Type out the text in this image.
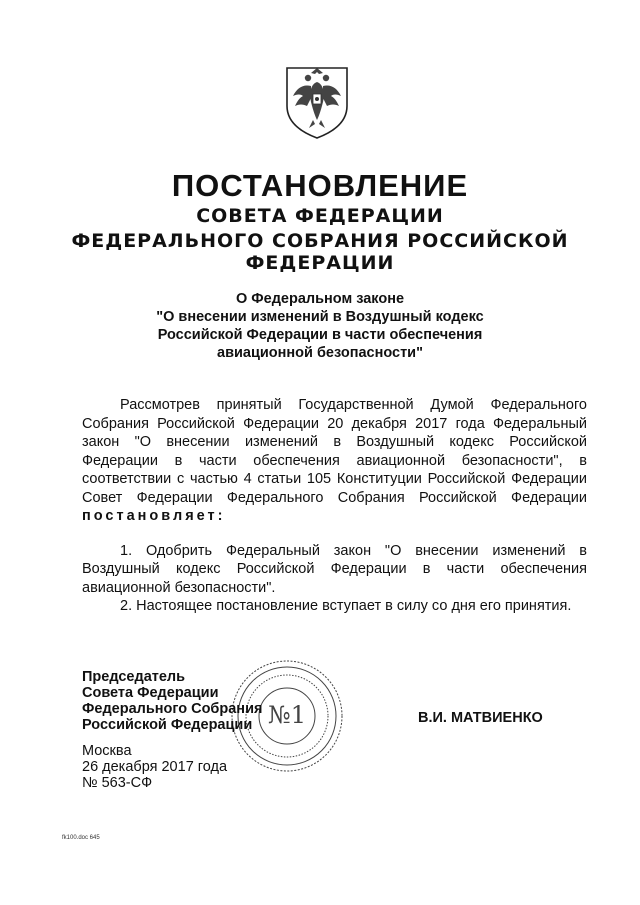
ПОСТАНОВЛЕНИЕ
СОВЕТА ФЕДЕРАЦИИ
ФЕДЕРАЛЬНОГО СОБРАНИЯ РОССИЙСКОЙ ФЕДЕРАЦИИ
О Федеральном законе
"О внесении изменений в Воздушный кодекс
Российской Федерации в части обеспечения
авиационной безопасности"

Рассмотрев принятый Государственной Думой Федерального Собрания Российской Федерации 20 декабря 2017 года Федеральный закон "О внесении изменений в Воздушный кодекс Российской Федерации в части обеспечения авиационной безопасности", в соответствии с частью 4 статьи 105 Конституции Российской Федерации Совет Федерации Федерального Собрания Российской Федерации постановляет:

1. Одобрить Федеральный закон "О внесении изменений в Воздушный кодекс Российской Федерации в части обеспечения авиационной безопасности".

2. Настоящее постановление вступает в силу со дня его принятия.

№1
Председатель
Совета Федерации
Федерального Собрания
Российской Федерации	В.И. МАТВИЕНКО
Москва
26 декабря 2017 года
№ 563-СФ
fk100.doc 645
